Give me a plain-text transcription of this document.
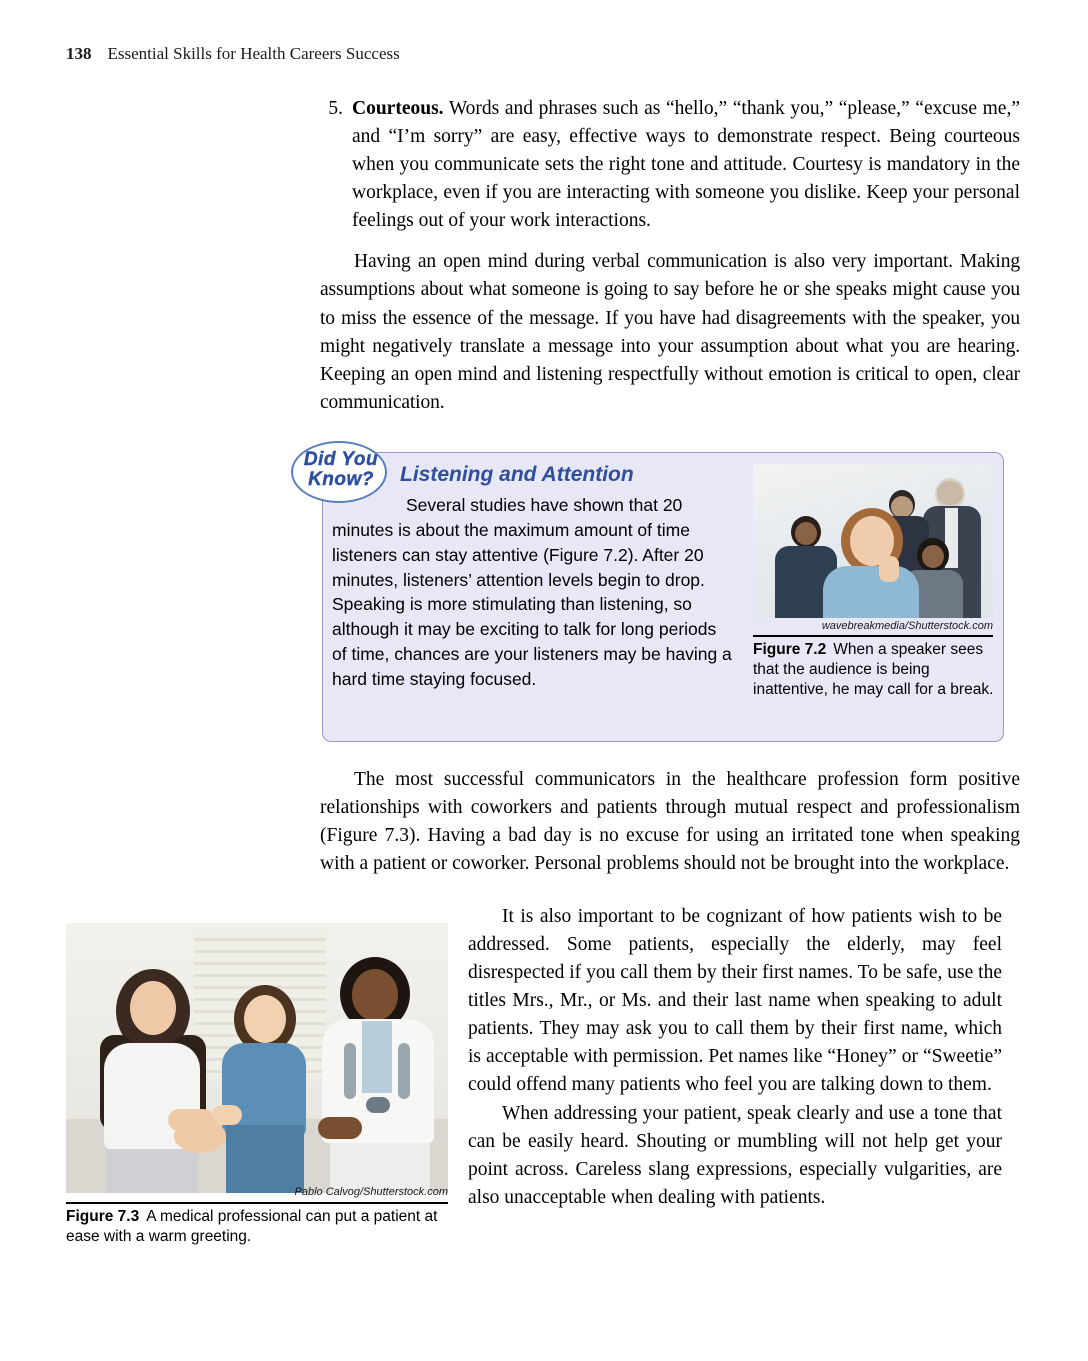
138 Essential Skills for Health Careers Success
5. Courteous. Words and phrases such as “hello,” “thank you,” “please,” “excuse me,” and “I’m sorry” are easy, effective ways to demonstrate respect. Being courteous when you communicate sets the right tone and attitude. Courtesy is mandatory in the workplace, even if you are interacting with someone you dislike. Keep your personal feelings out of your work interactions.

Having an open mind during verbal communication is also very important. Making assumptions about what someone is going to say before he or she speaks might cause you to miss the essence of the message. If you have had disagreements with the speaker, you might negatively translate a message into your assumption about what you are hearing. Keeping an open mind and listening respectfully without emotion is critical to open, clear communication.

Did You
Know?	Listening and Attention
Several studies have shown that 20 minutes is about the maximum amount of time listeners can stay attentive (Figure 7.2). After 20 minutes, listeners’ attention levels begin to drop. Speaking is more stimulating than listening, so although it may be exciting to talk for long periods of time, chances are your listeners may be having a hard time staying focused.
wavebreakmedia/Shutterstock.com
Figure 7.2 When a speaker sees that the audience is being inattentive, he may call for a break.

The most successful communicators in the healthcare profession form positive relationships with coworkers and patients through mutual respect and professionalism (Figure 7.3). Having a bad day is no excuse for using an irritated tone when speaking with a patient or coworker. Personal problems should not be brought into the workplace.

It is also important to be cognizant of how patients wish to be addressed. Some patients, especially the elderly, may feel disrespected if you call them by their first names. To be safe, use the titles Mrs., Mr., or Ms. and their last name when speaking to adult patients. They may ask you to call them by their first name, which is acceptable with permission. Pet names like “Honey” or “Sweetie” could offend many patients who feel you are talking down to them.

When addressing your patient, speak clearly and use a tone that can be easily heard. Shouting or mumbling will not help get your point across. Careless slang expressions, especially vulgarities, are also unacceptable when dealing with patients.

Pablo Calvog/Shutterstock.com
Figure 7.3 A medical professional can put a patient at ease with a warm greeting.
